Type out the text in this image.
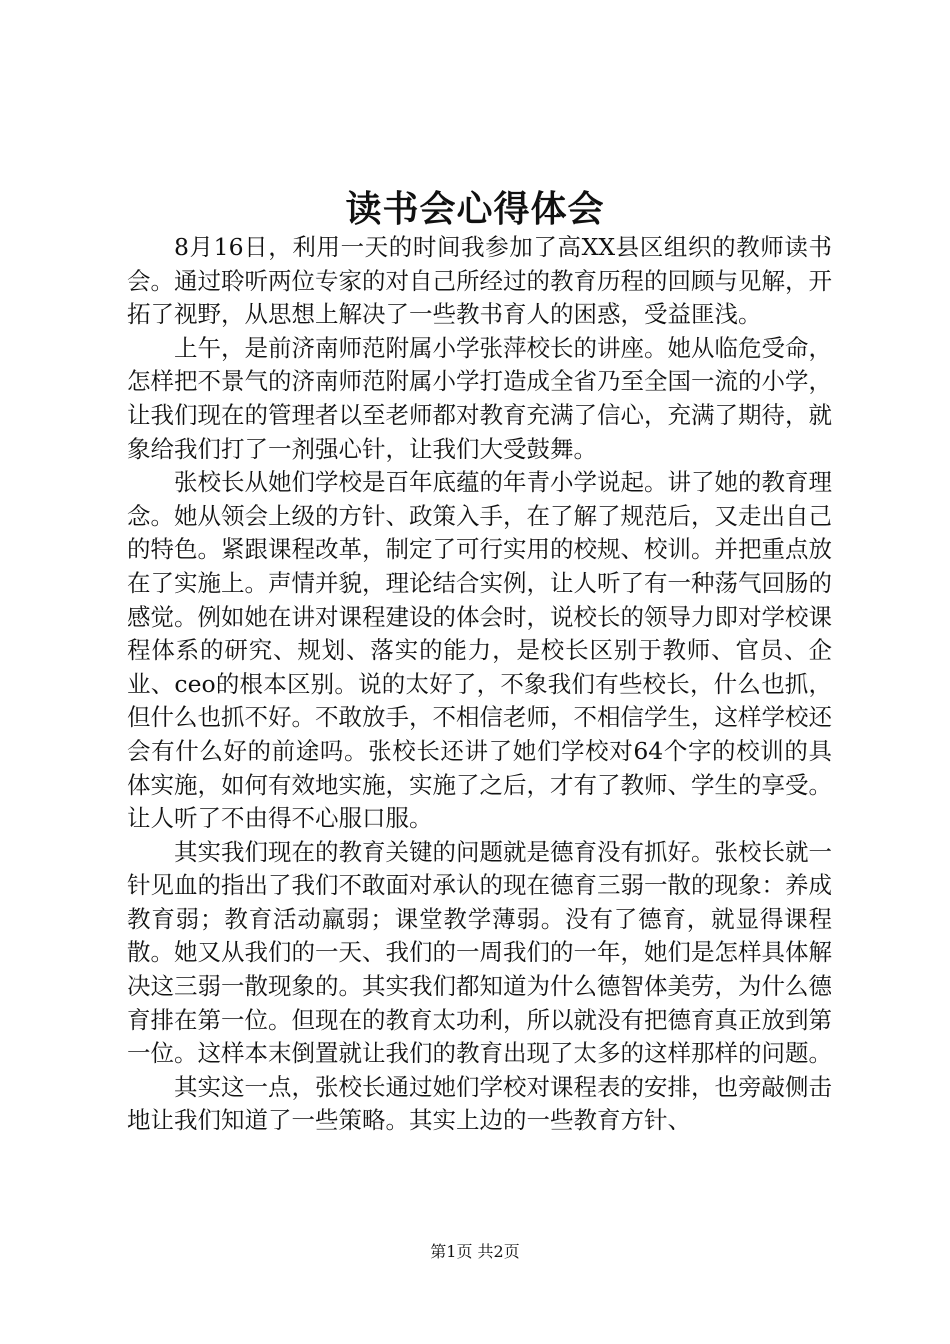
读书会心得体会

8月16日，利用一天的时间我参加了高XX县区组织的教师读书会。通过聆听两位专家的对自己所经过的教育历程的回顾与见解，开拓了视野，从思想上解决了一些教书育人的困惑，受益匪浅。

上午，是前济南师范附属小学张萍校长的讲座。她从临危受命，怎样把不景气的济南师范附属小学打造成全省乃至全国一流的小学，让我们现在的管理者以至老师都对教育充满了信心，充满了期待，就象给我们打了一剂强心针，让我们大受鼓舞。

张校长从她们学校是百年底蕴的年青小学说起。讲了她的教育理念。她从领会上级的方针、政策入手，在了解了规范后，又走出自己的特色。紧跟课程改革，制定了可行实用的校规、校训。并把重点放在了实施上。声情并貌，理论结合实例，让人听了有一种荡气回肠的感觉。例如她在讲对课程建设的体会时，说校长的领导力即对学校课程体系的研究、规划、落实的能力，是校长区别于教师、官员、企业、ceo的根本区别。说的太好了，不象我们有些校长，什么也抓，但什么也抓不好。不敢放手，不相信老师，不相信学生，这样学校还会有什么好的前途吗。张校长还讲了她们学校对64个字的校训的具体实施，如何有效地实施，实施了之后，才有了教师、学生的享受。让人听了不由得不心服口服。

其实我们现在的教育关键的问题就是德育没有抓好。张校长就一针见血的指出了我们不敢面对承认的现在德育三弱一散的现象：养成教育弱；教育活动羸弱；课堂教学薄弱。没有了德育，就显得课程散。她又从我们的一天、我们的一周我们的一年，她们是怎样具体解决这三弱一散现象的。其实我们都知道为什么德智体美劳，为什么德育排在第一位。但现在的教育太功利，所以就没有把德育真正放到第一位。这样本末倒置就让我们的教育出现了太多的这样那样的问题。

其实这一点，张校长通过她们学校对课程表的安排，也旁敲侧击地让我们知道了一些策略。其实上边的一些教育方针、

第1页 共2页
